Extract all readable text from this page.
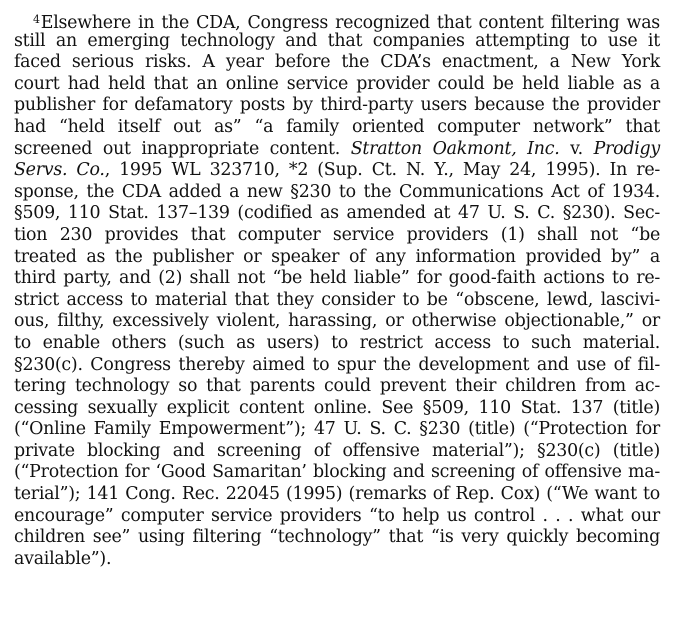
$^4$Elsewhere in the CDA, Congress recognized that content filtering was
still an emerging technology and that companies attempting to use it
faced serious risks. A year before the CDA’s enactment, a New York
court had held that an online service provider could be held liable as a
publisher for defamatory posts by third-party users because the provider
had “held itself out as” “a family oriented computer network” that
screened out inappropriate content. Stratton Oakmont, Inc. v. Prodigy
Servs. Co., 1995 WL 323710, *2 (Sup. Ct. N. Y., May 24, 1995). In re-
sponse, the CDA added a new §230 to the Communications Act of 1934.
§509, 110 Stat. 137–139 (codified as amended at 47 U. S. C. §230). Sec-
tion 230 provides that computer service providers (1) shall not “be
treated as the publisher or speaker of any information provided by” a
third party, and (2) shall not “be held liable” for good-faith actions to re-
strict access to material that they consider to be “obscene, lewd, lascivi-
ous, filthy, excessively violent, harassing, or otherwise objectionable,” or
to enable others (such as users) to restrict access to such material.
§230(c). Congress thereby aimed to spur the development and use of fil-
tering technology so that parents could prevent their children from ac-
cessing sexually explicit content online. See §509, 110 Stat. 137 (title)
(“Online Family Empowerment”); 47 U. S. C. §230 (title) (“Protection for
private blocking and screening of offensive material”); §230(c) (title)
(“Protection for ‘Good Samaritan’ blocking and screening of offensive ma-
terial”); 141 Cong. Rec. 22045 (1995) (remarks of Rep. Cox) (“We want to
encourage” computer service providers “to help us control . . . what our
children see” using filtering “technology” that “is very quickly becoming
available”).
